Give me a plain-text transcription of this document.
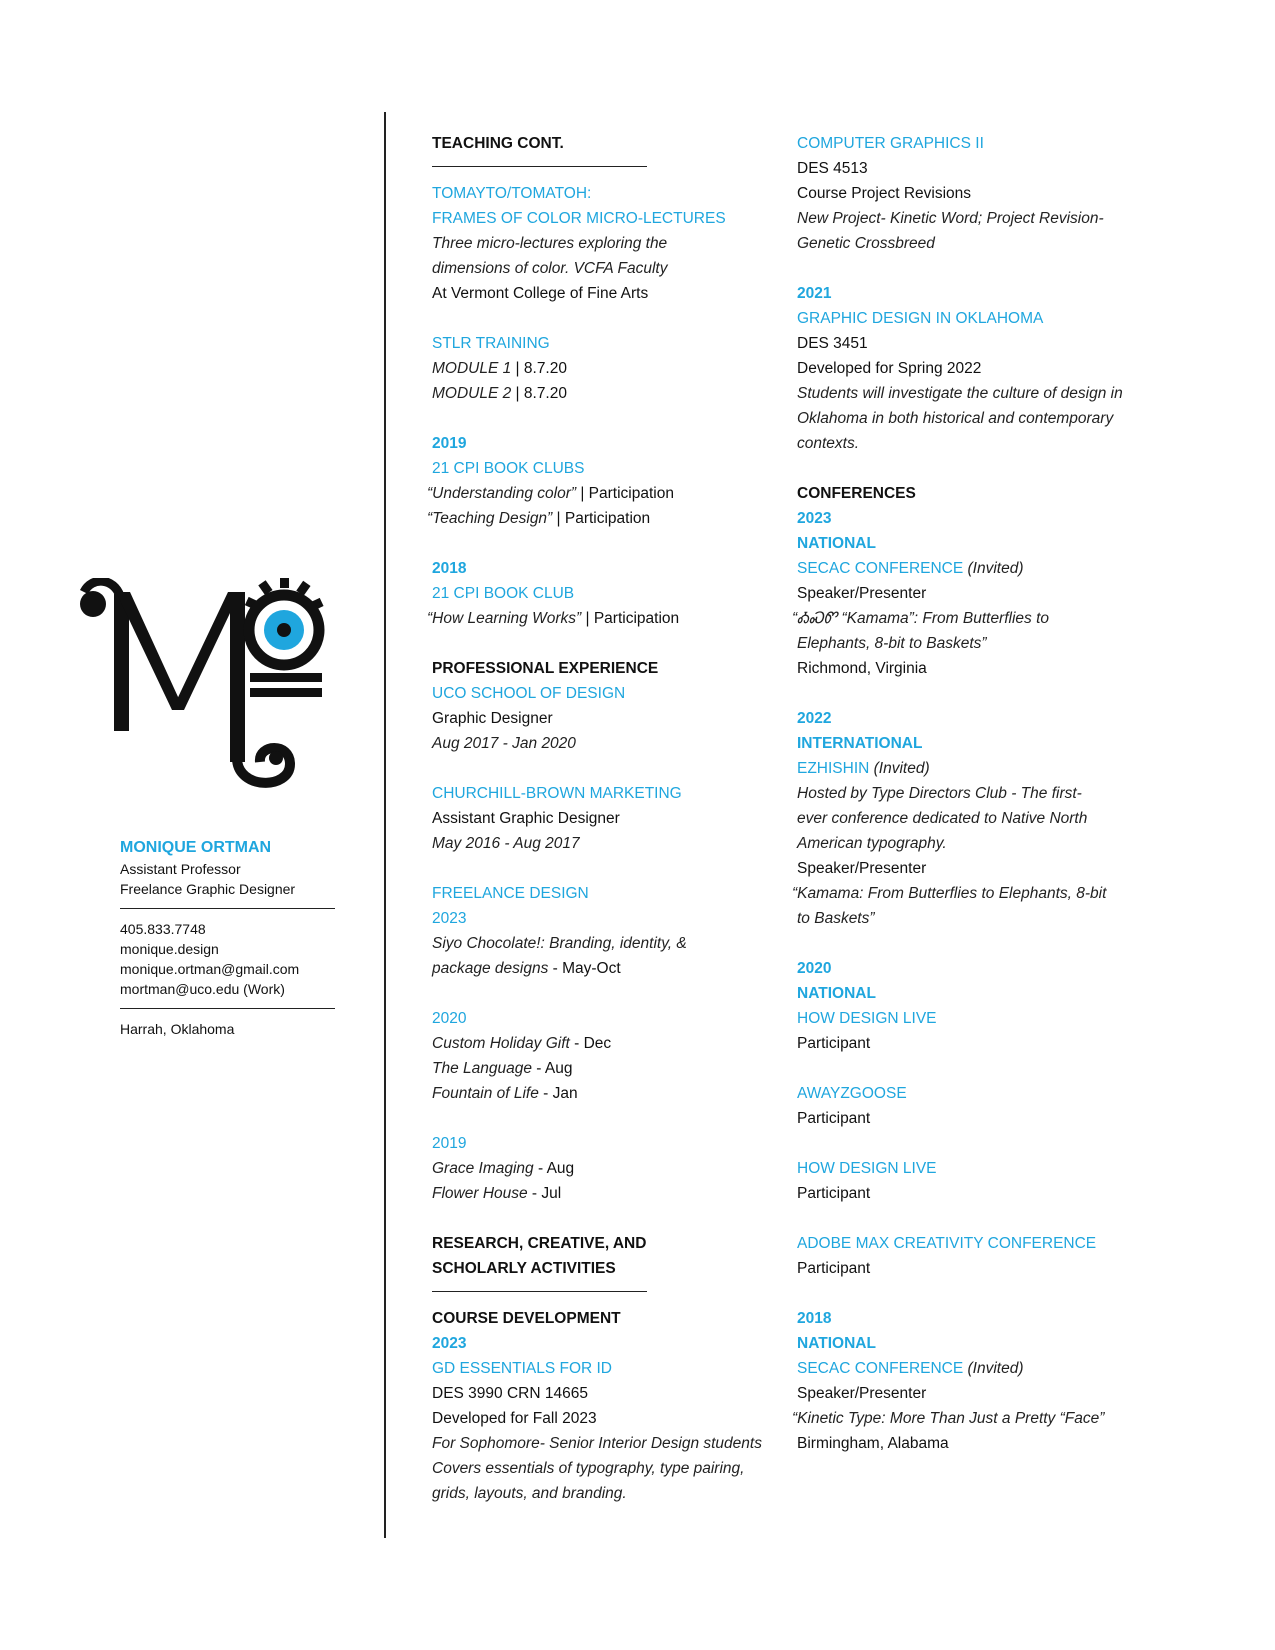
MONIQUE ORTMAN
Assistant Professor
Freelance Graphic Designer
405.833.7748
monique.design
monique.ortman@gmail.com
mortman@uco.edu (Work)
Harrah, Oklahoma
TEACHING CONT.
TOMAYTO/TOMATOH:
FRAMES OF COLOR MICRO-LECTURES
Three micro-lectures exploring the
dimensions of color. VCFA Faculty
At Vermont College of Fine Arts
STLR TRAINING
MODULE 1 | 8.7.20
MODULE 2 | 8.7.20
2019
21 CPI BOOK CLUBS
“Understanding color” | Participation
“Teaching Design” | Participation
2018
21 CPI BOOK CLUB
“How Learning Works” | Participation
PROFESSIONAL EXPERIENCE
UCO SCHOOL OF DESIGN
Graphic Designer
Aug 2017 - Jan 2020
CHURCHILL-BROWN MARKETING
Assistant Graphic Designer
May 2016 - Aug 2017
FREELANCE DESIGN
2023
Siyo Chocolate!: Branding, identity, &
package designs - May-Oct
2020
Custom Holiday Gift - Dec
The Language - Aug
Fountain of Life - Jan
2019
Grace Imaging - Aug
Flower House - Jul
RESEARCH, CREATIVE, AND
SCHOLARLY ACTIVITIES
COURSE DEVELOPMENT
2023
GD ESSENTIALS FOR ID
DES 3990 CRN 14665
Developed for Fall 2023
For Sophomore- Senior Interior Design students
Covers essentials of typography, type pairing,
grids, layouts, and branding.
COMPUTER GRAPHICS II
DES 4513
Course Project Revisions
New Project- Kinetic Word; Project Revision-
Genetic Crossbreed
2021
GRAPHIC DESIGN IN OKLAHOMA
DES 3451
Developed for Spring 2022
Students will investigate the culture of design in
Oklahoma in both historical and contemporary
contexts.
CONFERENCES
2023
NATIONAL
SECAC CONFERENCE (Invited)
Speaker/Presenter
“ᎣᏍᏛ “Kamama”: From Butterflies to
Elephants, 8-bit to Baskets”
Richmond, Virginia
2022
INTERNATIONAL
EZHISHIN (Invited)
Hosted by Type Directors Club - The first-
ever conference dedicated to Native North
American typography.
Speaker/Presenter
“Kamama: From Butterflies to Elephants, 8-bit
to Baskets”
2020
NATIONAL
HOW DESIGN LIVE
Participant
AWAYZGOOSE
Participant
HOW DESIGN LIVE
Participant
ADOBE MAX CREATIVITY CONFERENCE
Participant
2018
NATIONAL
SECAC CONFERENCE (Invited)
Speaker/Presenter
“Kinetic Type: More Than Just a Pretty “Face”
Birmingham, Alabama
